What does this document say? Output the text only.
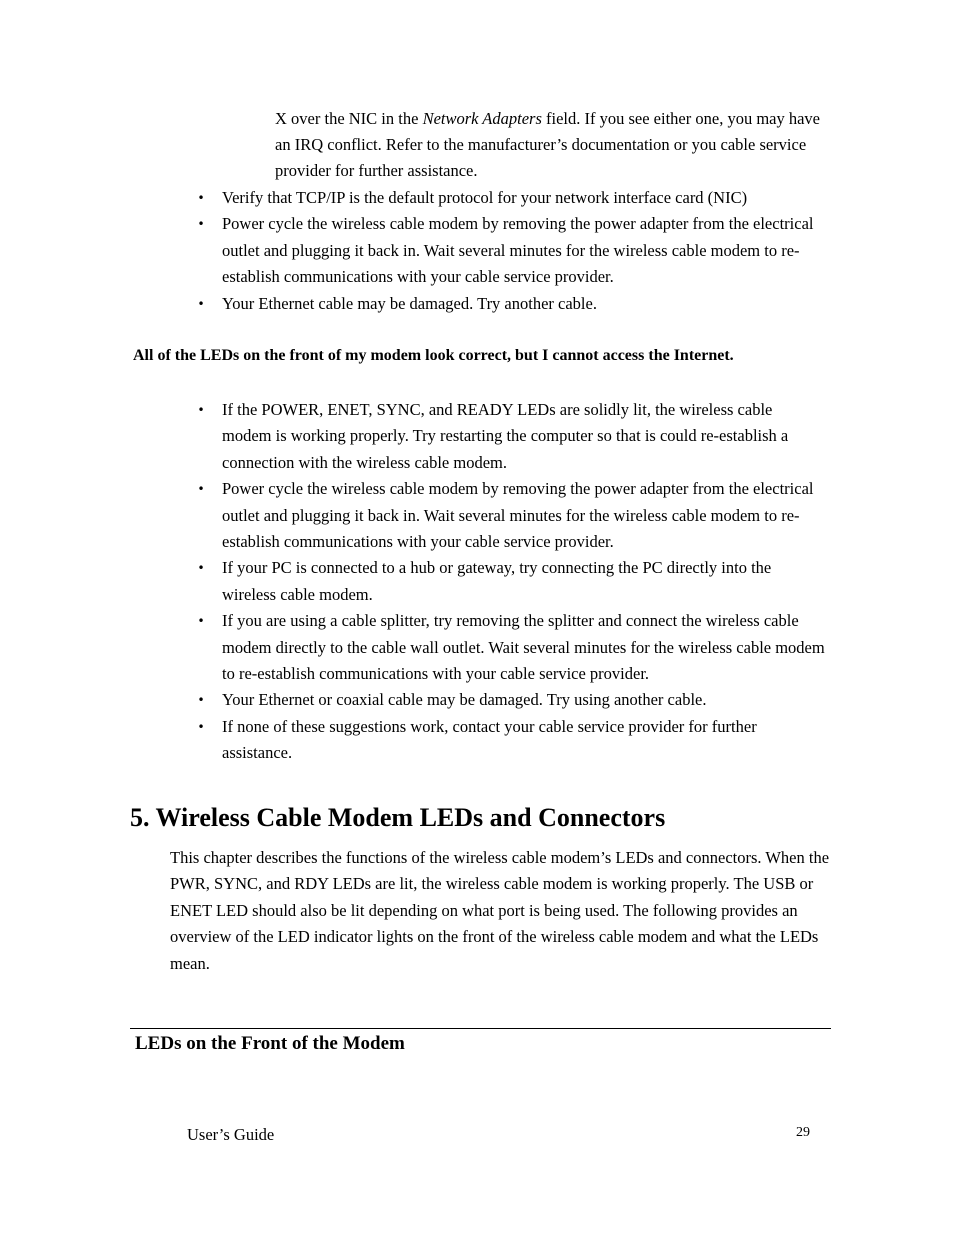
X over the NIC in the Network Adapters field. If you see either one, you may have an IRQ conflict. Refer to the manufacturer’s documentation or you cable service provider for further assistance.
• Verify that TCP/IP is the default protocol for your network interface card (NIC)
• Power cycle the wireless cable modem by removing the power adapter from the electrical outlet and plugging it back in. Wait several minutes for the wireless cable modem to re-establish communications with your cable service provider.
• Your Ethernet cable may be damaged. Try another cable.
All of the LEDs on the front of my modem look correct, but I cannot access the Internet.
• If the POWER, ENET, SYNC, and READY LEDs are solidly lit, the wireless cable modem is working properly. Try restarting the computer so that is could re-establish a connection with the wireless cable modem.
• Power cycle the wireless cable modem by removing the power adapter from the electrical outlet and plugging it back in. Wait several minutes for the wireless cable modem to re-establish communications with your cable service provider.
• If your PC is connected to a hub or gateway, try connecting the PC directly into the wireless cable modem.
• If you are using a cable splitter, try removing the splitter and connect the wireless cable modem directly to the cable wall outlet. Wait several minutes for the wireless cable modem to re-establish communications with your cable service provider.
• Your Ethernet or coaxial cable may be damaged. Try using another cable.
• If none of these suggestions work, contact your cable service provider for further assistance.
5. Wireless Cable Modem LEDs and Connectors

This chapter describes the functions of the wireless cable modem’s LEDs and connectors. When the PWR, SYNC, and RDY LEDs are lit, the wireless cable modem is working properly. The USB or ENET LED should also be lit depending on what port is being used. The following provides an overview of the LED indicator lights on the front of the wireless cable modem and what the LEDs mean.

LEDs on the Front of the Modem
User’s Guide	29
